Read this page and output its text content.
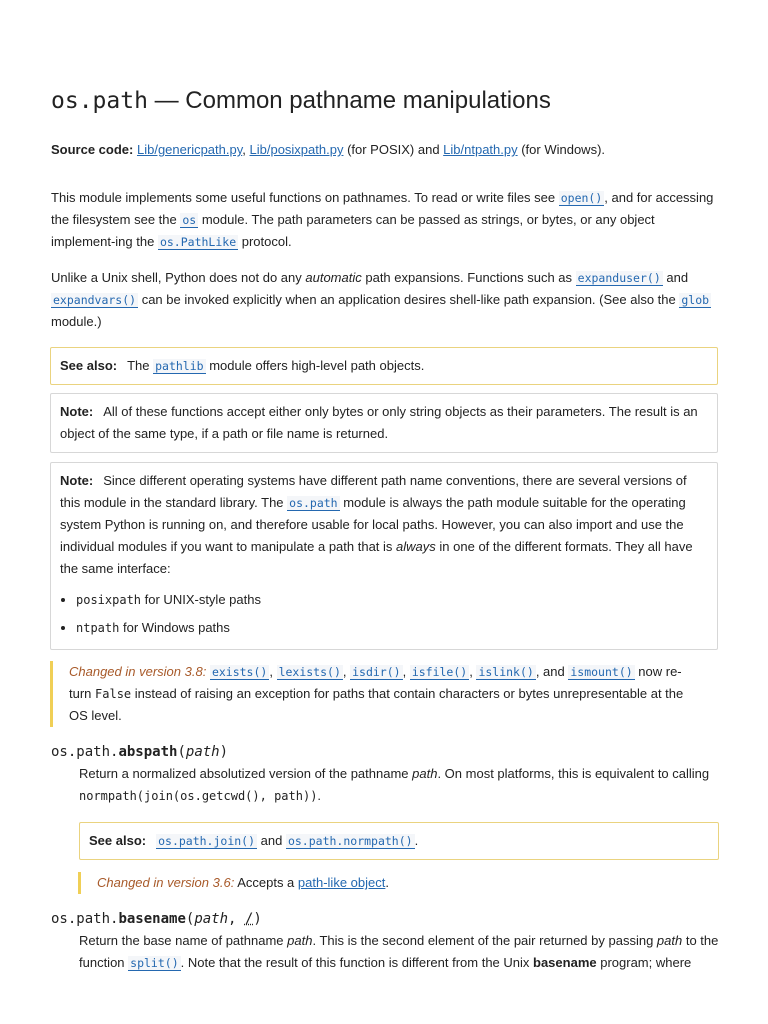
os.path — Common pathname manipulations

Source code: Lib/genericpath.py, Lib/posixpath.py (for POSIX) and Lib/ntpath.py (for Windows).

This module implements some useful functions on pathnames. To read or write files see open() , and for accessing the filesystem see the os module. The path parameters can be passed as strings, or bytes, or any object implement-ing the os.PathLike protocol.

Unlike a Unix shell, Python does not do any automatic path expansions. Functions such as expanduser() and expandvars() can be invoked explicitly when an application desires shell-like path expansion. (See also the glob module.)

See also: The pathlib module offers high-level path objects.
Note: All of these functions accept either only bytes or only string objects as their parameters. The result is an object of the same type, if a path or file name is returned.
Note: Since different operating systems have different path name conventions, there are several versions of this module in the standard library. The os.path module is always the path module suitable for the operating system Python is running on, and therefore usable for local paths. However, you can also import and use the individual modules if you want to manipulate a path that is always in one of the different formats. They all have the same interface:
• posixpath for UNIX-style paths
• ntpath for Windows paths
Changed in version 3.8: exists() , lexists() , isdir() , isfile() , islink() , and ismount() now re-turn False instead of raising an exception for paths that contain characters or bytes unrepresentable at the OS level.
os.path.abspath(path)

Return a normalized absolutized version of the pathname path. On most platforms, this is equivalent to calling normpath(join(os.getcwd(), path)).

See also: os.path.join() and os.path.normpath() .
Changed in version 3.6: Accepts a path-like object.
os.path.basename(path, /)

Return the base name of pathname path. This is the second element of the pair returned by passing path to the function split() . Note that the result of this function is different from the Unix basename program; where
